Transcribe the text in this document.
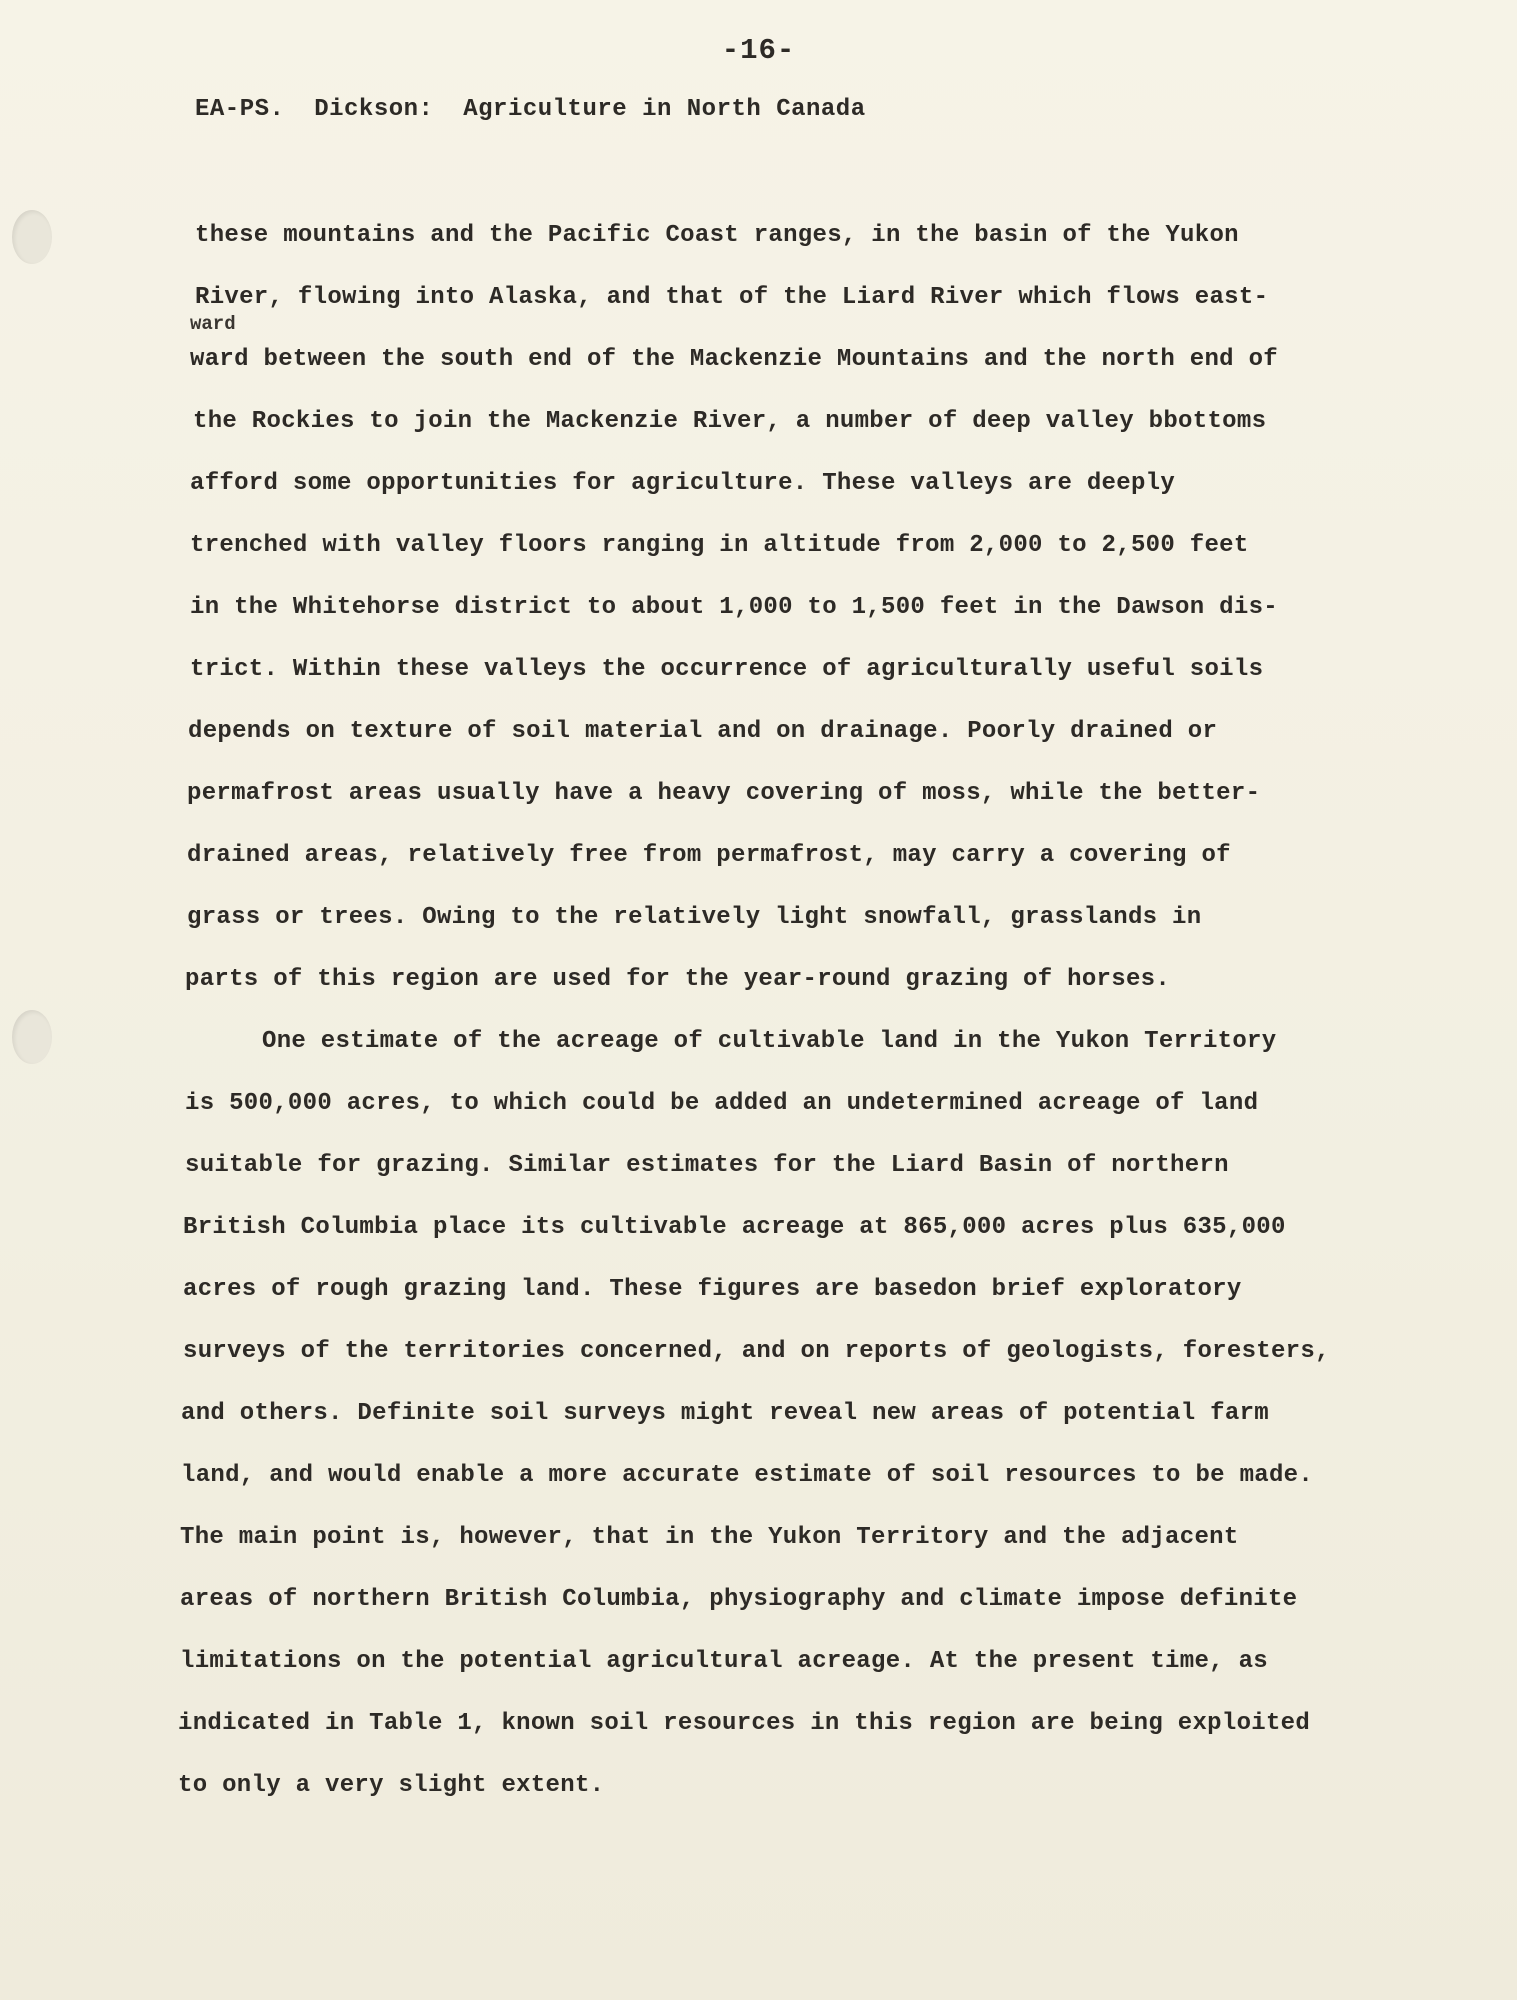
-16-
EA-PS.  Dickson:  Agriculture in North Canada
ward
these mountains and the Pacific Coast ranges, in the basin of the Yukon
River, flowing into Alaska, and that of the Liard River which flows east-
ward between the south end of the Mackenzie Mountains and the north end of
the Rockies to join the Mackenzie River, a number of deep valley bbottoms
afford some opportunities for agriculture. These valleys are deeply
trenched with valley floors ranging in altitude from 2,000 to 2,500 feet
in the Whitehorse district to about 1,000 to 1,500 feet in the Dawson dis-
trict. Within these valleys the occurrence of agriculturally useful soils
depends on texture of soil material and on drainage. Poorly drained or
permafrost areas usually have a heavy covering of moss, while the better-
drained areas, relatively free from permafrost, may carry a covering of
grass or trees. Owing to the relatively light snowfall, grasslands in
parts of this region are used for the year-round grazing of horses.
One estimate of the acreage of cultivable land in the Yukon Territory
is 500,000 acres, to which could be added an undetermined acreage of land
suitable for grazing. Similar estimates for the Liard Basin of northern
British Columbia place its cultivable acreage at 865,000 acres plus 635,000
acres of rough grazing land. These figures are basedon brief exploratory
surveys of the territories concerned, and on reports of geologists, foresters,
and others. Definite soil surveys might reveal new areas of potential farm
land, and would enable a more accurate estimate of soil resources to be made.
The main point is, however, that in the Yukon Territory and the adjacent
areas of northern British Columbia, physiography and climate impose definite
limitations on the potential agricultural acreage. At the present time, as
indicated in Table 1, known soil resources in this region are being exploited
to only a very slight extent.
